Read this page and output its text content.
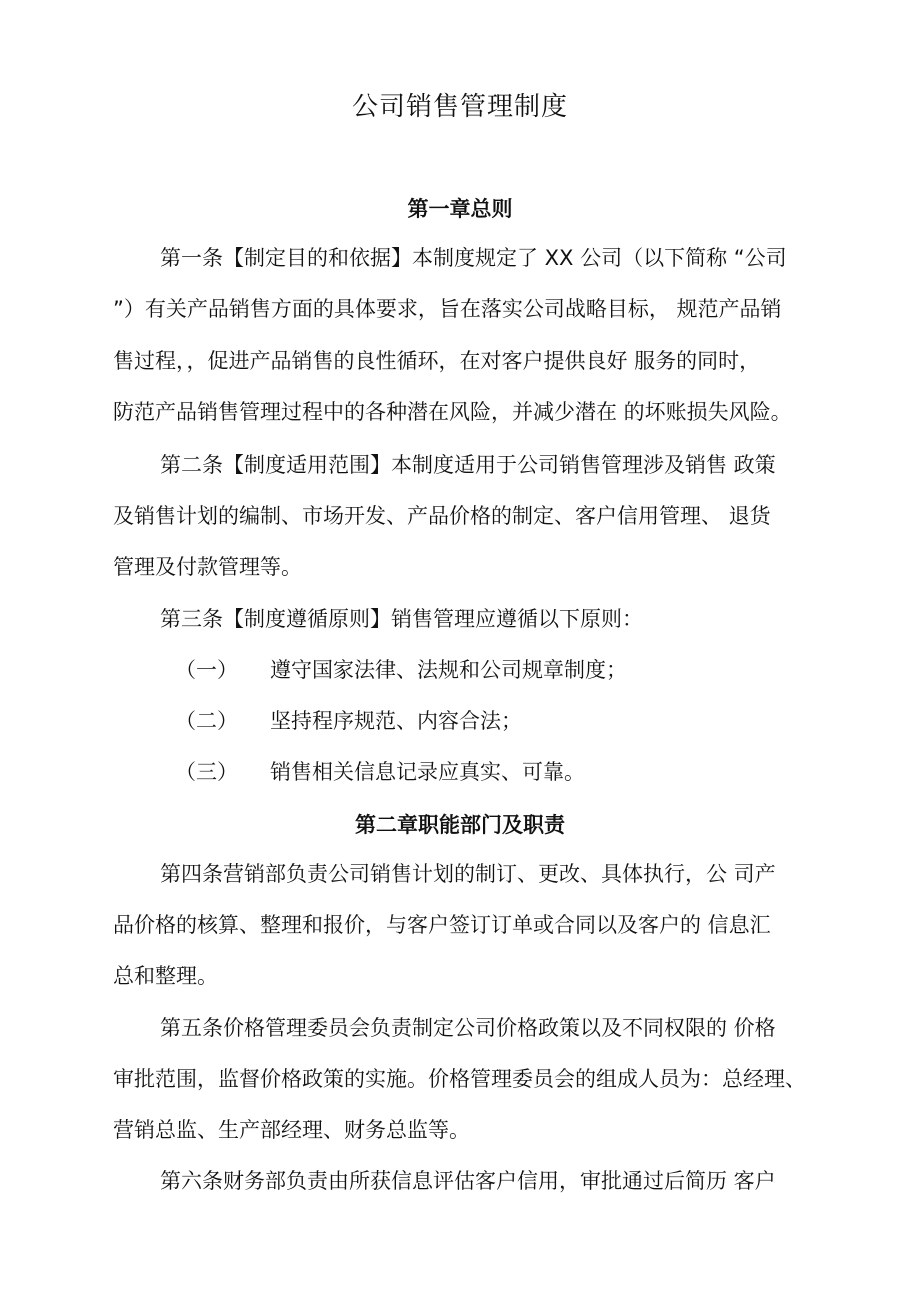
公司销售管理制度
第一章总则
第一条【制定目的和依据】本制度规定了 XX 公司（以下简称 “公司
”）有关产品销售方面的具体要求，旨在落实公司战略目标， 规范产品销
售过程，，促进产品销售的良性循环，在对客户提供良好 服务的同时，
防范产品销售管理过程中的各种潜在风险，并减少潜在 的坏账损失风险。
第二条【制度适用范围】本制度适用于公司销售管理涉及销售 政策
及销售计划的编制、市场开发、产品价格的制定、客户信用管理、 退货
管理及付款管理等。
第三条【制度遵循原则】销售管理应遵循以下原则：
（一） 遵守国家法律、法规和公司规章制度；
（二） 坚持程序规范、内容合法；
（三） 销售相关信息记录应真实、可靠。
第二章职能部门及职责
第四条营销部负责公司销售计划的制订、更改、具体执行，公 司产
品价格的核算、整理和报价，与客户签订订单或合同以及客户的 信息汇
总和整理。
第五条价格管理委员会负责制定公司价格政策以及不同权限的 价格
审批范围，监督价格政策的实施。价格管理委员会的组成人员为：总经理、
营销总监、生产部经理、财务总监等。
第六条财务部负责由所获信息评估客户信用，审批通过后简历 客户
